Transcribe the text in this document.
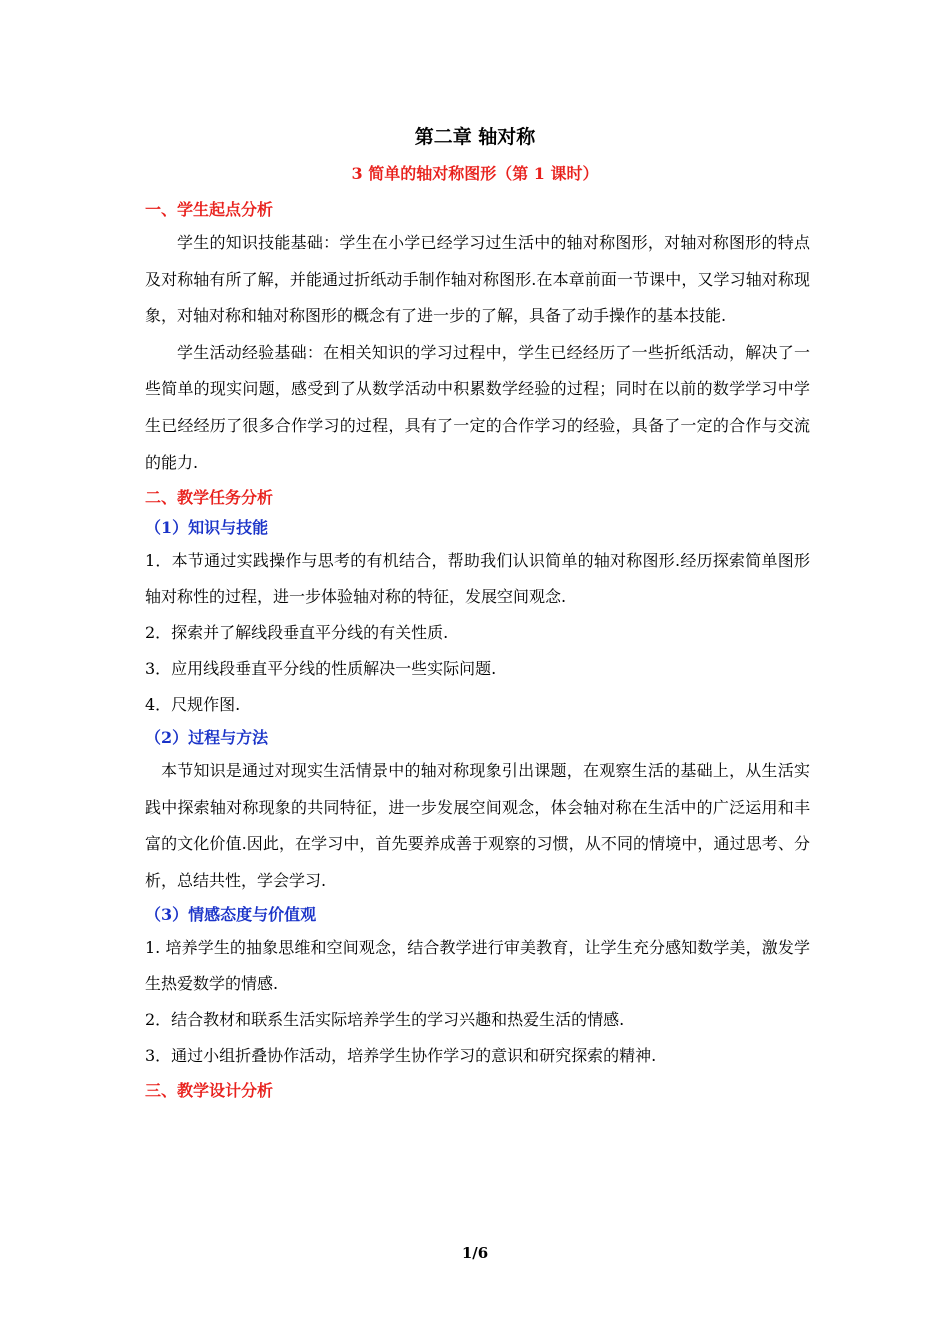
第二章 轴对称
3 简单的轴对称图形（第 1 课时）
一、学生起点分析

学生的知识技能基础：学生在小学已经学习过生活中的轴对称图形，对轴对称图形的特点及对称轴有所了解，并能通过折纸动手制作轴对称图形.在本章前面一节课中，又学习轴对称现象，对轴对称和轴对称图形的概念有了进一步的了解，具备了动手操作的基本技能.

学生活动经验基础：在相关知识的学习过程中，学生已经经历了一些折纸活动，解决了一些简单的现实问题，感受到了从数学活动中积累数学经验的过程；同时在以前的数学学习中学生已经经历了很多合作学习的过程，具有了一定的合作学习的经验，具备了一定的合作与交流的能力.

二、教学任务分析
（1）知识与技能

1．本节通过实践操作与思考的有机结合，帮助我们认识简单的轴对称图形.经历探索简单图形轴对称性的过程，进一步体验轴对称的特征，发展空间观念.

2．探索并了解线段垂直平分线的有关性质.

3．应用线段垂直平分线的性质解决一些实际问题.

4．尺规作图.

（2）过程与方法

本节知识是通过对现实生活情景中的轴对称现象引出课题，在观察生活的基础上，从生活实践中探索轴对称现象的共同特征，进一步发展空间观念，体会轴对称在生活中的广泛运用和丰富的文化价值.因此，在学习中，首先要养成善于观察的习惯，从不同的情境中，通过思考、分析，总结共性，学会学习.

（3）情感态度与价值观

1. 培养学生的抽象思维和空间观念，结合教学进行审美教育，让学生充分感知数学美，激发学生热爱数学的情感.

2．结合教材和联系生活实际培养学生的学习兴趣和热爱生活的情感.

3．通过小组折叠协作活动，培养学生协作学习的意识和研究探索的精神.

三、教学设计分析
1/6
